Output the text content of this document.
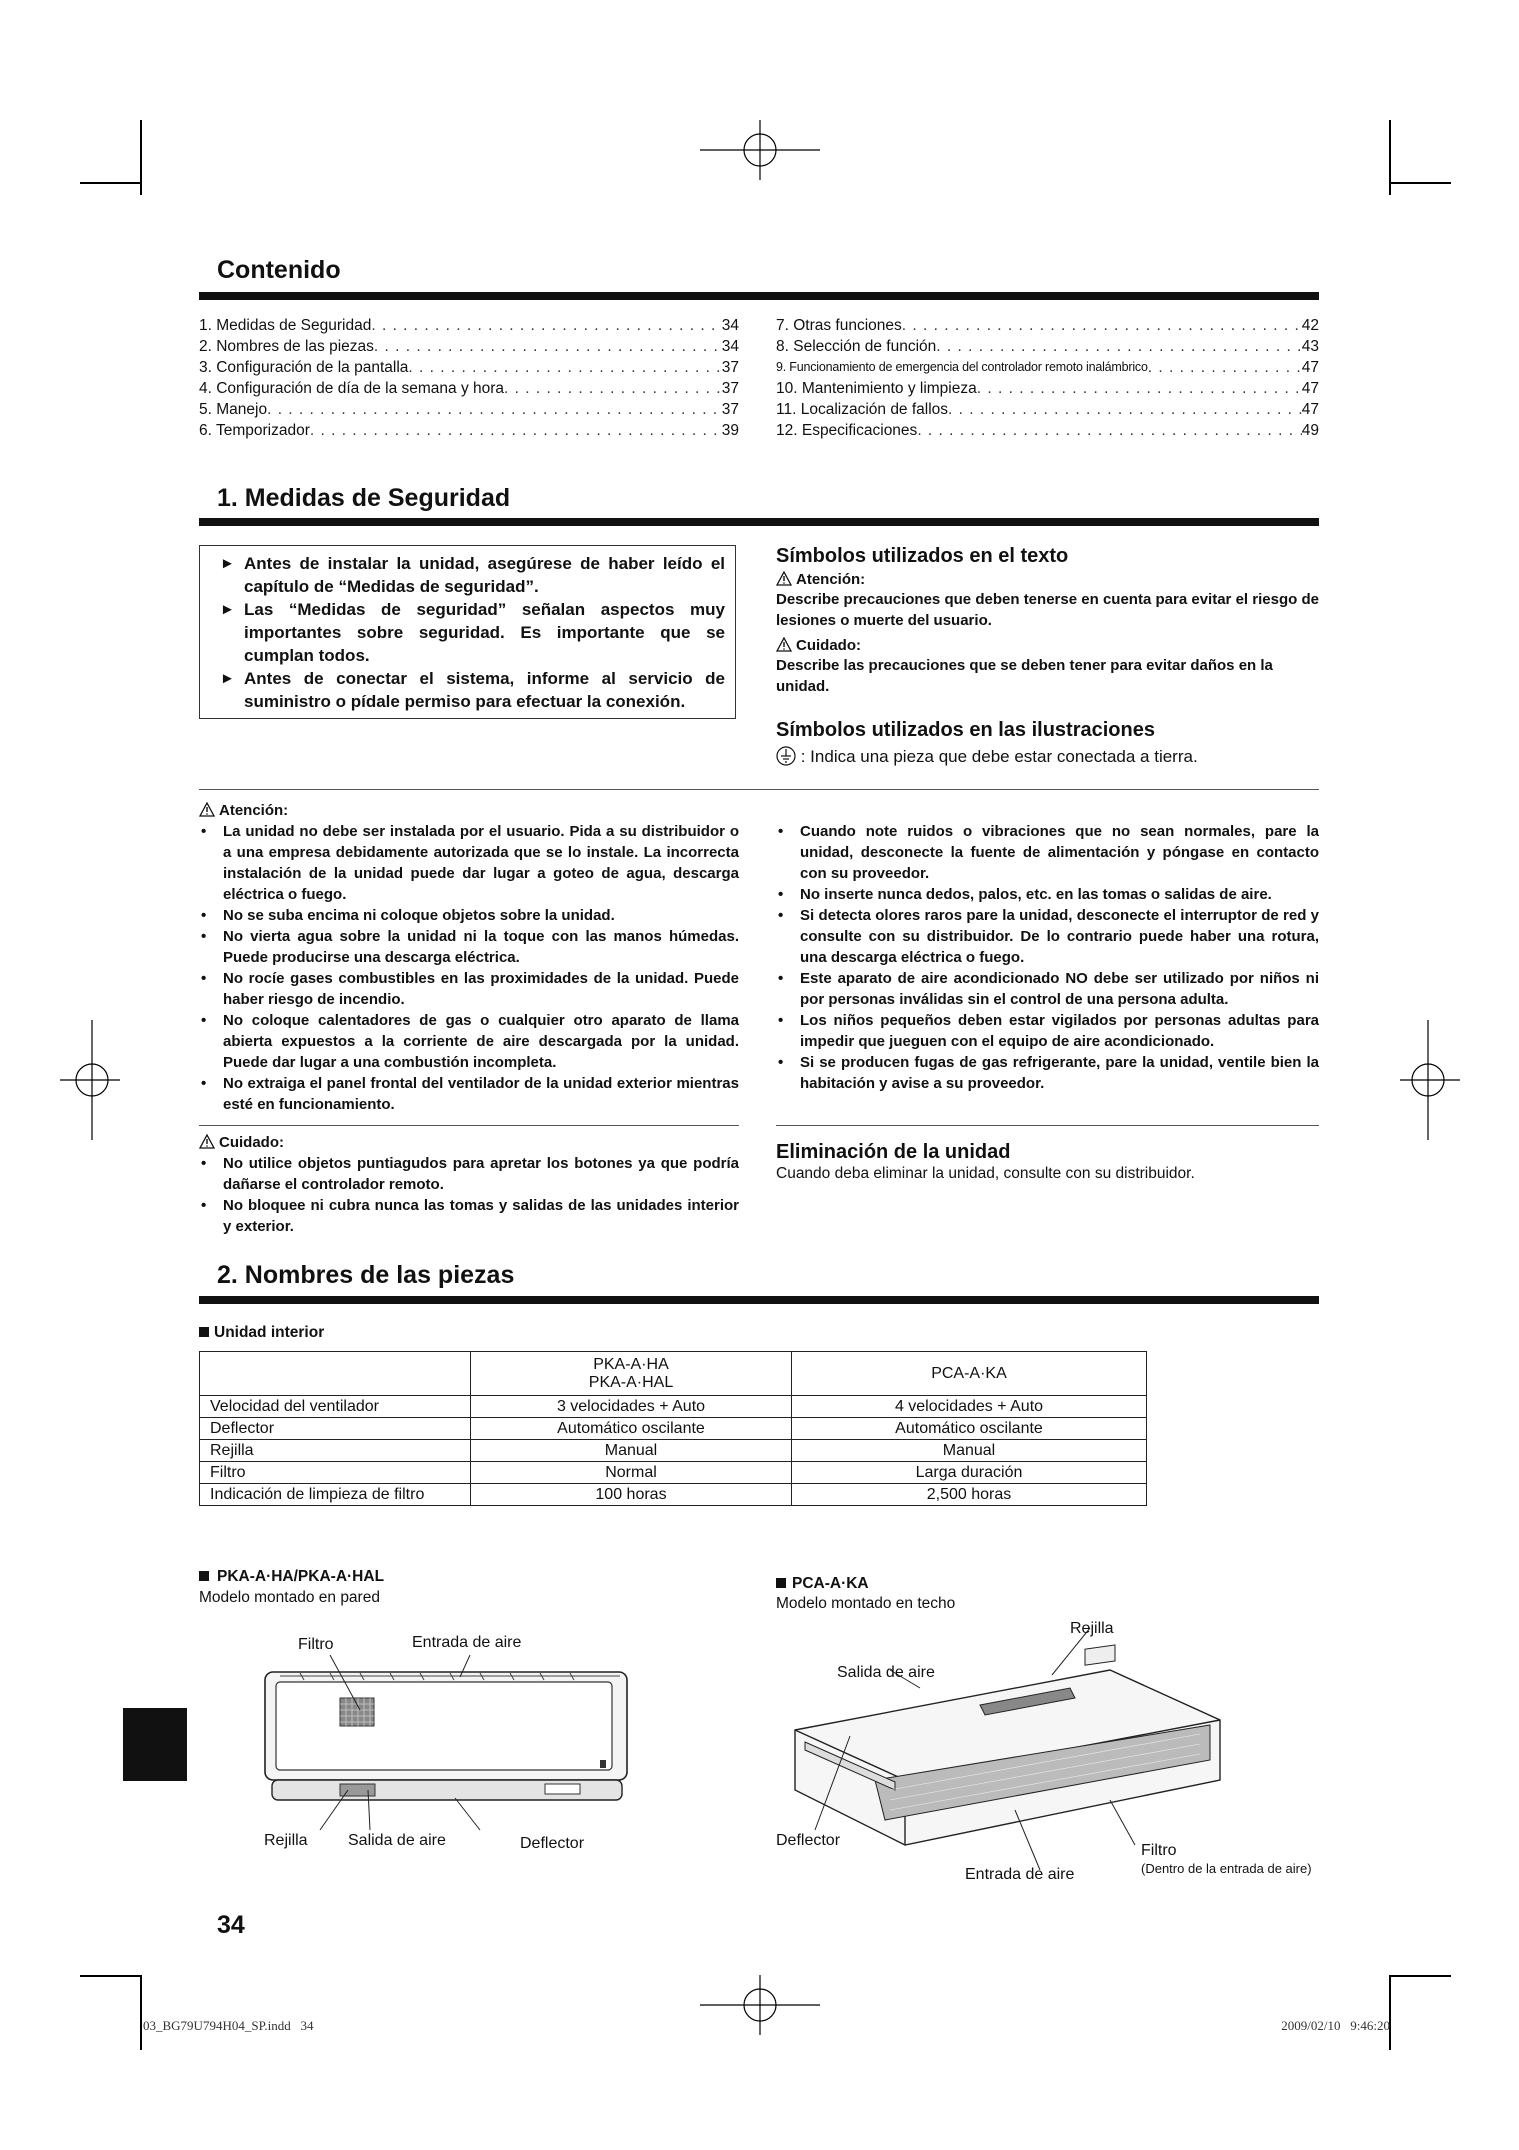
Contenido
1. Medidas de Seguridad . . .	34
2. Nombres de las piezas . . .	34
3. Configuración de la pantalla . . .	37
4. Configuración de día de la semana y hora . . .	37
5. Manejo . . .	37
6. Temporizador . . .	39
7. Otras funciones . . .	42
8. Selección de función . . .	43
9. Funcionamiento de emergencia del controlador remoto inalámbrico . . .	47
10. Mantenimiento y limpieza . . .	47
11. Localización de fallos . . .	47
12. Especificaciones . . .	49
1. Medidas de Seguridad
► Antes de instalar la unidad, asegúrese de haber leído el capítulo de “Medidas de seguridad”.
► Las “Medidas de seguridad” señalan aspectos muy importantes sobre seguridad. Es importante que se cumplan todos.
► Antes de conectar el sistema, informe al servicio de suministro o pídale permiso para efectuar la conexión.
Símbolos utilizados en el texto
Atención:
Describe precauciones que deben tenerse en cuenta para evitar el riesgo de lesiones o muerte del usuario.
Cuidado:
Describe las precauciones que se deben tener para evitar daños en la unidad.
Símbolos utilizados en las ilustraciones
: Indica una pieza que debe estar conectada a tierra.
Atención:
• La unidad no debe ser instalada por el usuario. Pida a su distribuidor o a una empresa debidamente autorizada que se lo instale. La incorrecta instalación de la unidad puede dar lugar a goteo de agua, descarga eléctrica o fuego.
• No se suba encima ni coloque objetos sobre la unidad.
• No vierta agua sobre la unidad ni la toque con las manos húmedas. Puede producirse una descarga eléctrica.
• No rocíe gases combustibles en las proximidades de la unidad. Puede haber riesgo de incendio.
• No coloque calentadores de gas o cualquier otro aparato de llama abierta expuestos a la corriente de aire descargada por la unidad. Puede dar lugar a una combustión incompleta.
• No extraiga el panel frontal del ventilador de la unidad exterior mientras esté en funcionamiento.
• Cuando note ruidos o vibraciones que no sean normales, pare la unidad, desconecte la fuente de alimentación y póngase en contacto con su proveedor.
• No inserte nunca dedos, palos, etc. en las tomas o salidas de aire.
• Si detecta olores raros pare la unidad, desconecte el interruptor de red y consulte con su distribuidor. De lo contrario puede haber una rotura, una descarga eléctrica o fuego.
• Este aparato de aire acondicionado NO debe ser utilizado por niños ni por personas inválidas sin el control de una persona adulta.
• Los niños pequeños deben estar vigilados por personas adultas para impedir que jueguen con el equipo de aire acondicionado.
• Si se producen fugas de gas refrigerante, pare la unidad, ventile bien la habitación y avise a su proveedor.
Cuidado:
• No utilice objetos puntiagudos para apretar los botones ya que podría dañarse el controlador remoto.
• No bloquee ni cubra nunca las tomas y salidas de las unidades interior y exterior.
Eliminación de la unidad
Cuando deba eliminar la unidad, consulte con su distribuidor.
2. Nombres de las piezas
Unidad interior

	PKA-A·HA
PKA-A·HAL	PCA-A·KA
Velocidad del ventilador	3 velocidades + Auto	4 velocidades + Auto
Deflector	Automático oscilante	Automático oscilante
Rejilla	Manual	Manual
Filtro	Normal	Larga duración
Indicación de limpieza de filtro	100 horas	2,500 horas
PKA-A·HA/PKA-A·HAL
Modelo montado en pared
Filtro	Entrada de aire
Rejilla	Salida de aire	Deflector
PCA-A·KA
Modelo montado en techo
Rejilla
Salida de aire
Deflector
Filtro
(Dentro de la entrada de aire)
Entrada de aire
34
03_BG79U794H04_SP.indd   34	2009/02/10   9:46:20
